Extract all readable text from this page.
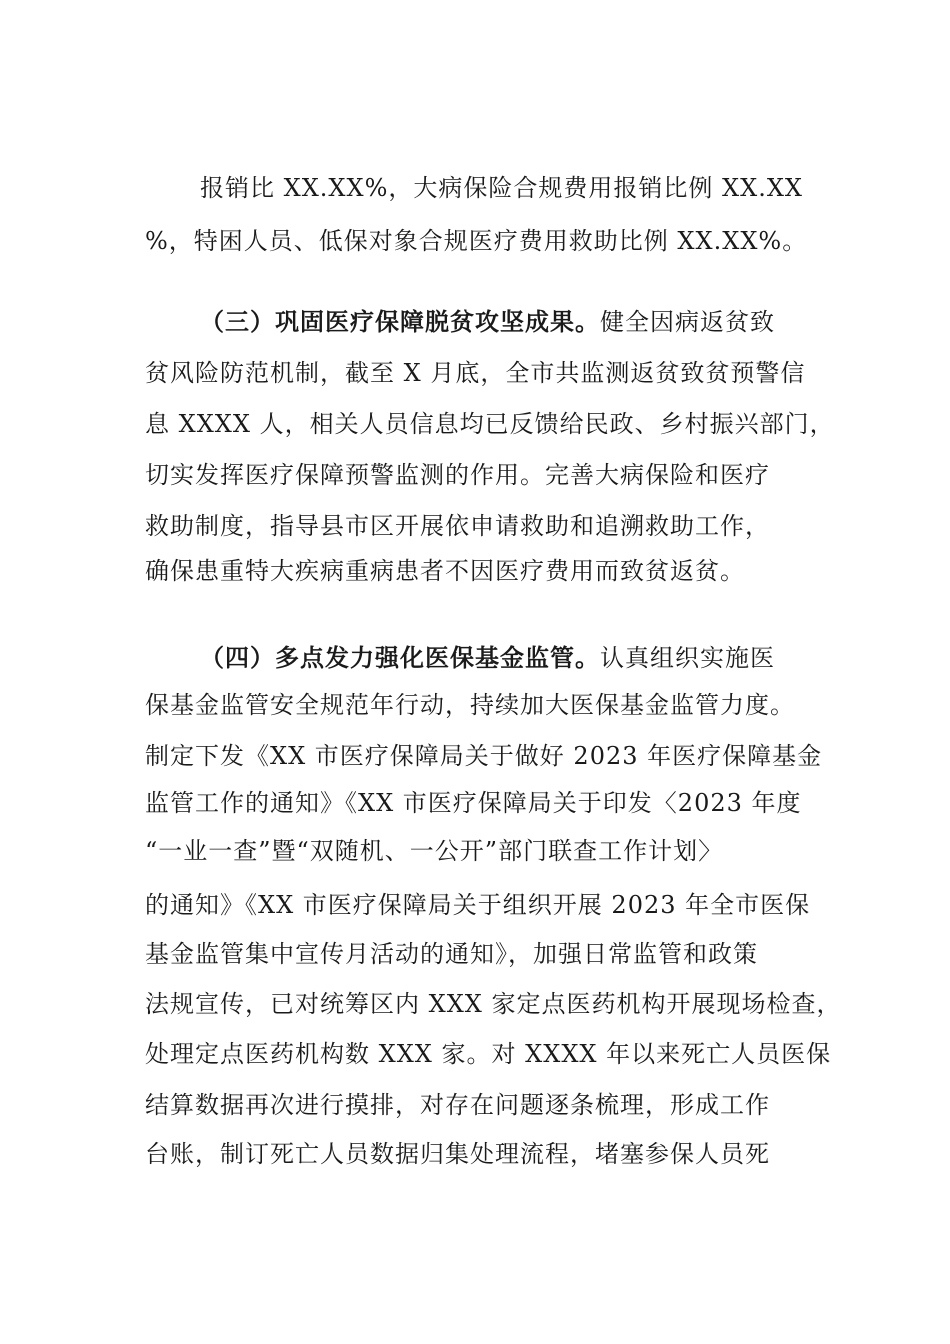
报销比 XX.XX%，大病保险合规费用报销比例 XX.XX
%，特困人员、低保对象合规医疗费用救助比例 XX.XX%。
（三）巩固医疗保障脱贫攻坚成果。健全因病返贫致
贫风险防范机制，截至 X 月底，全市共监测返贫致贫预警信
息 XXXX 人，相关人员信息均已反馈给民政、乡村振兴部门，
切实发挥医疗保障预警监测的作用。完善大病保险和医疗
救助制度，指导县市区开展依申请救助和追溯救助工作，
确保患重特大疾病重病患者不因医疗费用而致贫返贫。
（四）多点发力强化医保基金监管。认真组织实施医
保基金监管安全规范年行动，持续加大医保基金监管力度。
制定下发《XX 市医疗保障局关于做好 2023 年医疗保障基金
监管工作的通知》《XX 市医疗保障局关于印发〈2023 年度
“一业一查”暨“双随机、一公开”部门联查工作计划〉
的通知》《XX 市医疗保障局关于组织开展 2023 年全市医保
基金监管集中宣传月活动的通知》，加强日常监管和政策
法规宣传，已对统筹区内 XXX 家定点医药机构开展现场检查，
处理定点医药机构数 XXX 家。对 XXXX 年以来死亡人员医保
结算数据再次进行摸排，对存在问题逐条梳理，形成工作
台账，制订死亡人员数据归集处理流程，堵塞参保人员死
